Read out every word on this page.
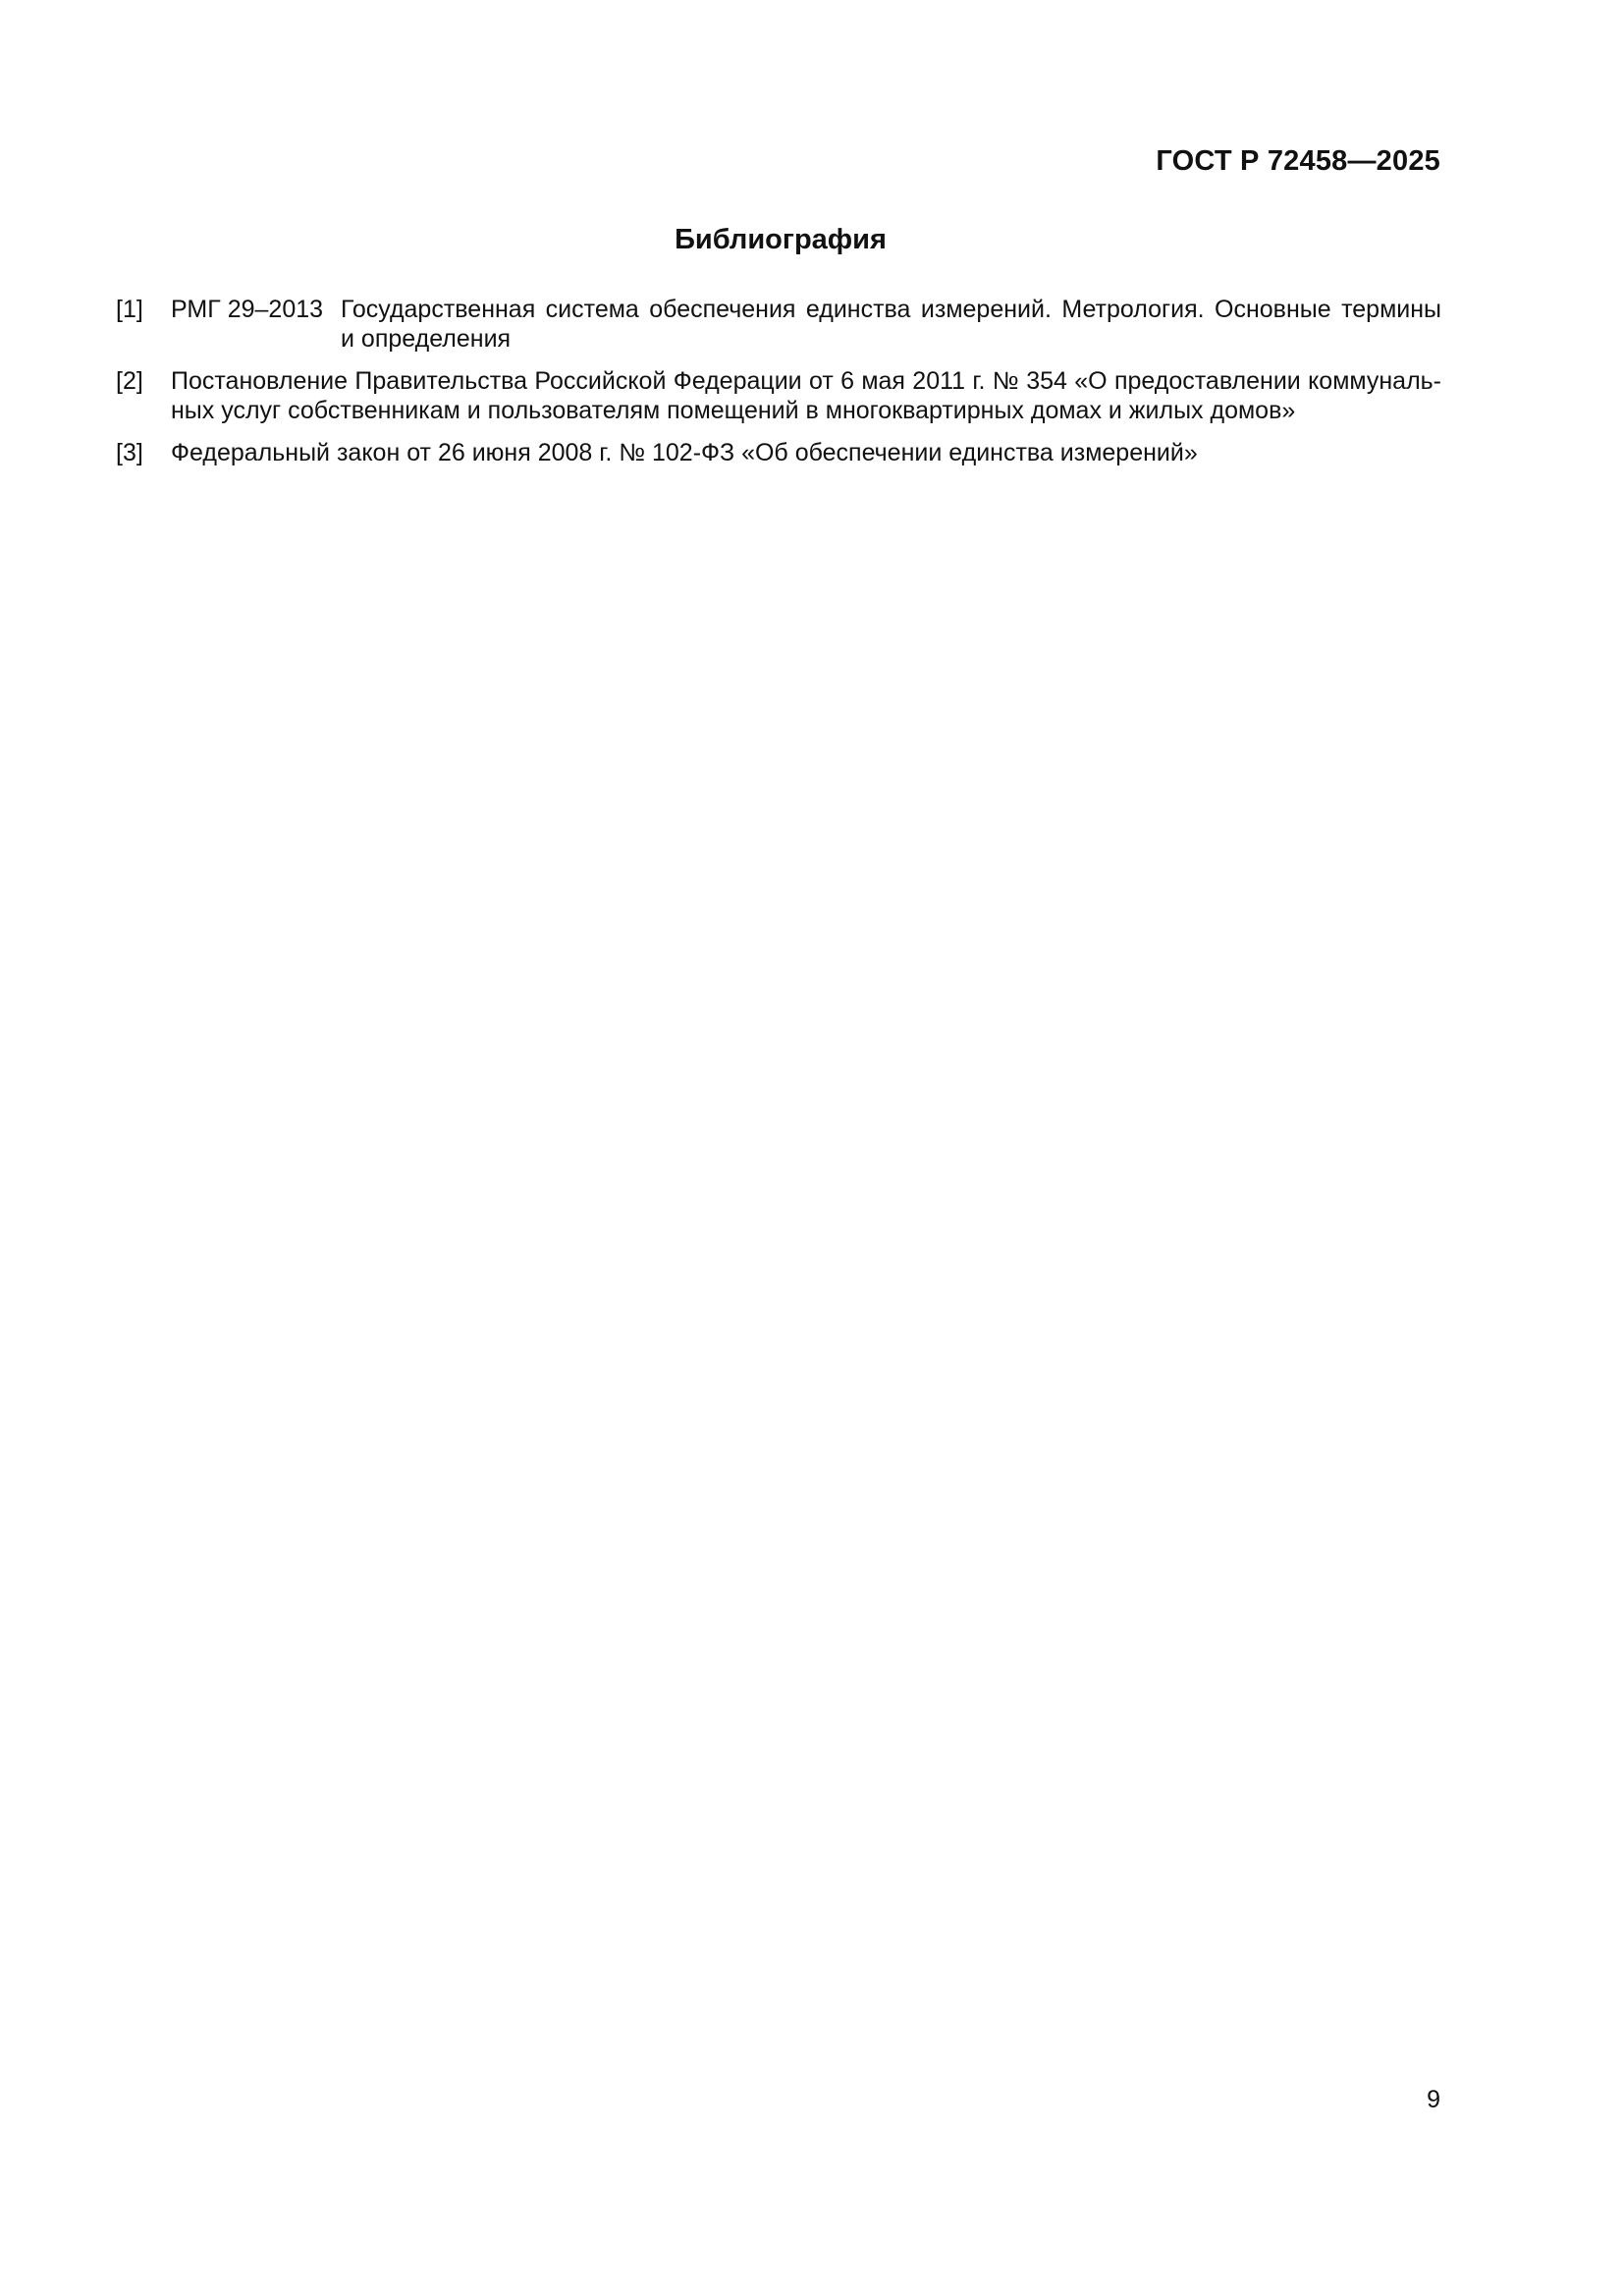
ГОСТ Р 72458—2025
Библиография
[1]	РМГ 29–2013 Государственная система обеспечения единства измерений. Метрология. Основные термины
и определения
[2]	Постановление Правительства Российской Федерации от 6 мая 2011 г. № 354 «О предоставлении коммуналь-
ных услуг собственникам и пользователям помещений в многоквартирных домах и жилых домов»
[3]	Федеральный закон от 26 июня 2008 г. № 102-ФЗ «Об обеспечении единства измерений»
9
